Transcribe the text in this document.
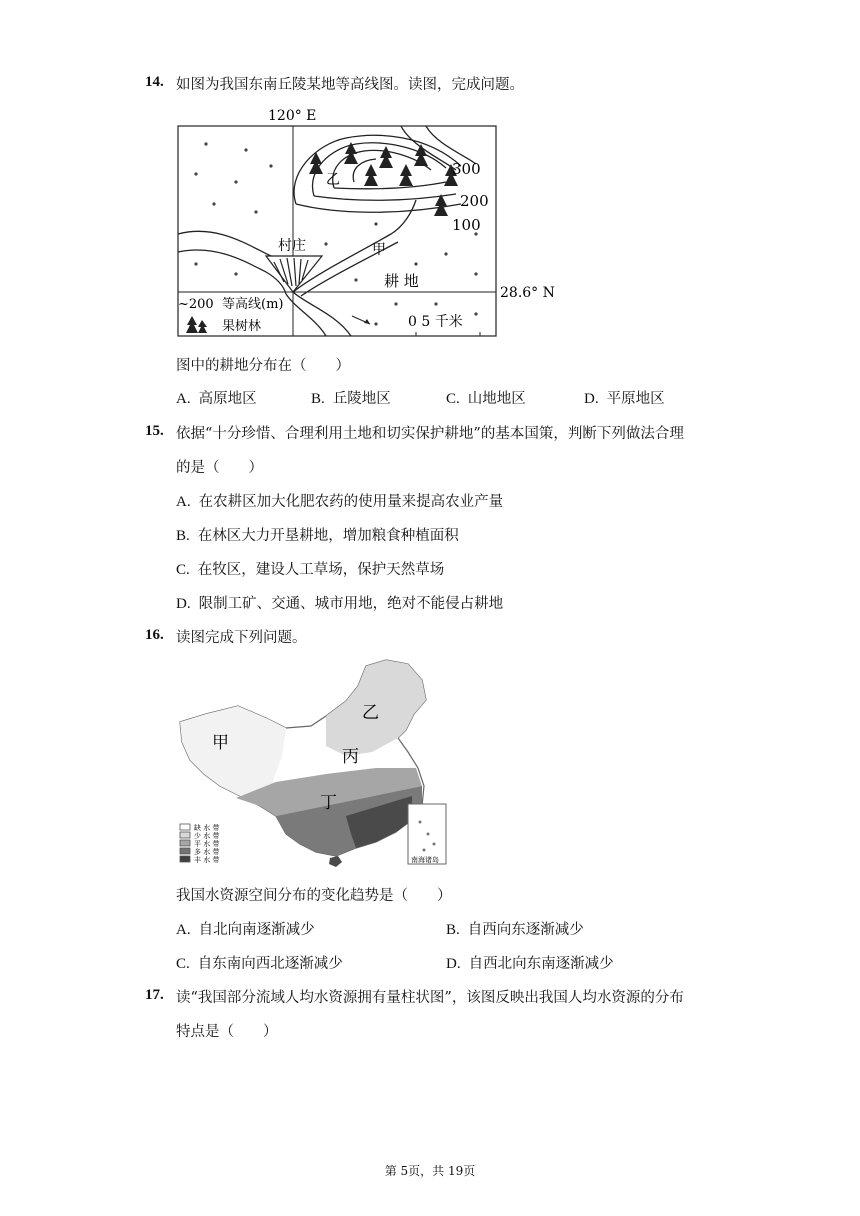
14. 如图为我国东南丘陵某地等高线图。读图，完成问题。
120° E
300
200
100
乙
甲
村庄
耕 地
28.6° N
~200 等高线(m)
果树林	0 5 千米
图中的耕地分布在（　　）
A. 高原地区	B. 丘陵地区	C. 山地地区	D. 平原地区
15. 依据“十分珍惜、合理利用土地和切实保护耕地”的基本国策，判断下列做法合理
的是（　　）
A. 在农耕区加大化肥农药的使用量来提高农业产量
B. 在林区大力开垦耕地，增加粮食种植面积
C. 在牧区，建设人工草场，保护天然草场
D. 限制工矿、交通、城市用地，绝对不能侵占耕地
16. 读图完成下列问题。
甲
乙
丙
丁
南海诸岛
缺 水 带
少 水 带
平 水 带
多 水 带
丰 水 带
我国水资源空间分布的变化趋势是（　　）
A. 自北向南逐渐减少	B. 自西向东逐渐减少
C. 自东南向西北逐渐减少	D. 自西北向东南逐渐减少
17. 读“我国部分流域人均水资源拥有量柱状图”，该图反映出我国人均水资源的分布
特点是（　　）
第 5页，共 19页
